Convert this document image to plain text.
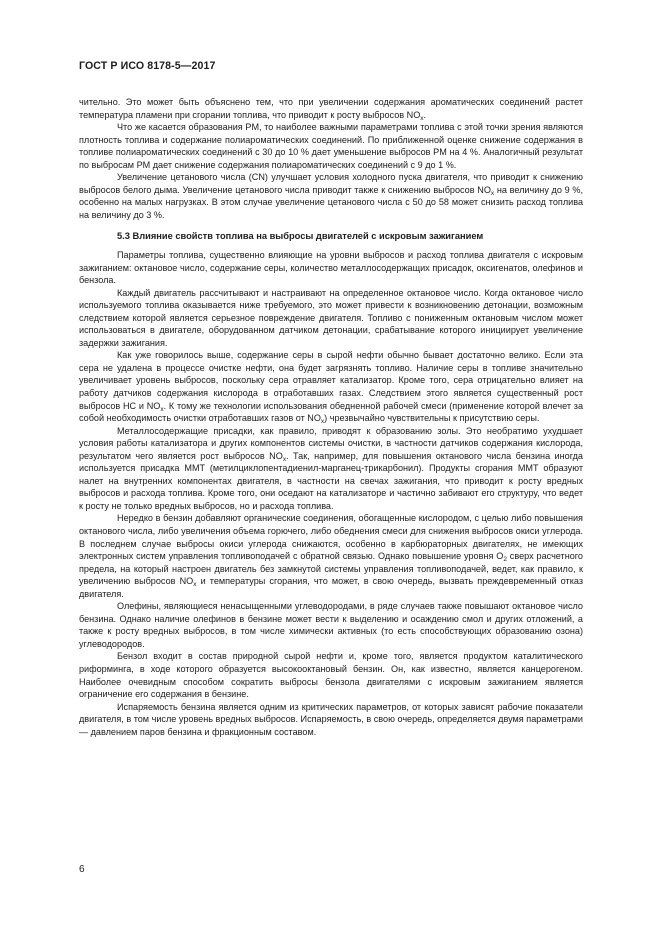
ГОСТ Р ИСО 8178-5—2017

чительно. Это может быть объяснено тем, что при увеличении содержания ароматических соединений растет температура пламени при сгорании топлива, что приводит к росту выбросов $NO_x$.

Что же касается образования PM, то наиболее важными параметрами топлива с этой точки зрения являются плотность топлива и содержание полиароматических соединений. По приближенной оценке снижение содержания в топливе полиароматических соединений с 30 до 10 % дает уменьшение выбросов PM на 4 %. Аналогичный результат по выбросам PM дает снижение содержания полиароматических соединений с 9 до 1 %.

Увеличение цетанового числа (CN) улучшает условия холодного пуска двигателя, что приводит к снижению выбросов белого дыма. Увеличение цетанового числа приводит также к снижению выбросов $NO_x$ на величину до 9 %, особенно на малых нагрузках. В этом случае увеличение цетанового числа с 50 до 58 может снизить расход топлива на величину до 3 %.

5.3 Влияние свойств топлива на выбросы двигателей с искровым зажиганием

Параметры топлива, существенно влияющие на уровни выбросов и расход топлива двигателя с искровым зажиганием: октановое число, содержание серы, количество металлосодержащих присадок, оксигенатов, олефинов и бензола.

Каждый двигатель рассчитывают и настраивают на определенное октановое число. Когда октановое число используемого топлива оказывается ниже требуемого, это может привести к возникновению детонации, возможным следствием которой является серьезное повреждение двигателя. Топливо с пониженным октановым числом может использоваться в двигателе, оборудованном датчиком детонации, срабатывание которого инициирует увеличение задержки зажигания.

Как уже говорилось выше, содержание серы в сырой нефти обычно бывает достаточно велико. Если эта сера не удалена в процессе очистке нефти, она будет загрязнять топливо. Наличие серы в топливе значительно увеличивает уровень выбросов, поскольку сера отравляет катализатор. Кроме того, сера отрицательно влияет на работу датчиков содержания кислорода в отработавших газах. Следствием этого является существенный рост выбросов HC и $NO_x$. К тому же технологии использования обедненной рабочей смеси (применение которой влечет за собой необходимость очистки отработавших газов от $NO_x$) чрезвычайно чувствительны к присутствию серы.

Металлосодержащие присадки, как правило, приводят к образованию золы. Это необратимо ухудшает условия работы катализатора и других компонентов системы очистки, в частности датчиков содержания кислорода, результатом чего является рост выбросов $NO_x$. Так, например, для повышения октанового числа бензина иногда используется присадка MMT (метилциклопентадиенил-марганец-трикарбонил). Продукты сгорания MMT образуют налет на внутренних компонентах двигателя, в частности на свечах зажигания, что приводит к росту вредных выбросов и расхода топлива. Кроме того, они оседают на катализаторе и частично забивают его структуру, что ведет к росту не только вредных выбросов, но и расхода топлива.

Нередко в бензин добавляют органические соединения, обогащенные кислородом, с целью либо повышения октанового числа, либо увеличения объема горючего, либо обеднения смеси для снижения выбросов окиси углерода. В последнем случае выбросы окиси углерода снижаются, особенно в карбюраторных двигателях, не имеющих электронных систем управления топливоподачей с обратной связью. Однако повышение уровня $O_2$ сверх расчетного предела, на который настроен двигатель без замкнутой системы управления топливоподачей, ведет, как правило, к увеличению выбросов $NO_x$ и температуры сгорания, что может, в свою очередь, вызвать преждевременный отказ двигателя.

Олефины, являющиеся ненасыщенными углеводородами, в ряде случаев также повышают октановое число бензина. Однако наличие олефинов в бензине может вести к выделению и осаждению смол и других отложений, а также к росту вредных выбросов, в том числе химически активных (то есть способствующих образованию озона) углеводородов.

Бензол входит в состав природной сырой нефти и, кроме того, является продуктом каталитического риформинга, в ходе которого образуется высокооктановый бензин. Он, как известно, является канцерогеном. Наиболее очевидным способом сократить выбросы бензола двигателями с искровым зажиганием является ограничение его содержания в бензине.

Испаряемость бензина является одним из критических параметров, от которых зависят рабочие показатели двигателя, в том числе уровень вредных выбросов. Испаряемость, в свою очередь, определяется двумя параметрами — давлением паров бензина и фракционным составом.

6
